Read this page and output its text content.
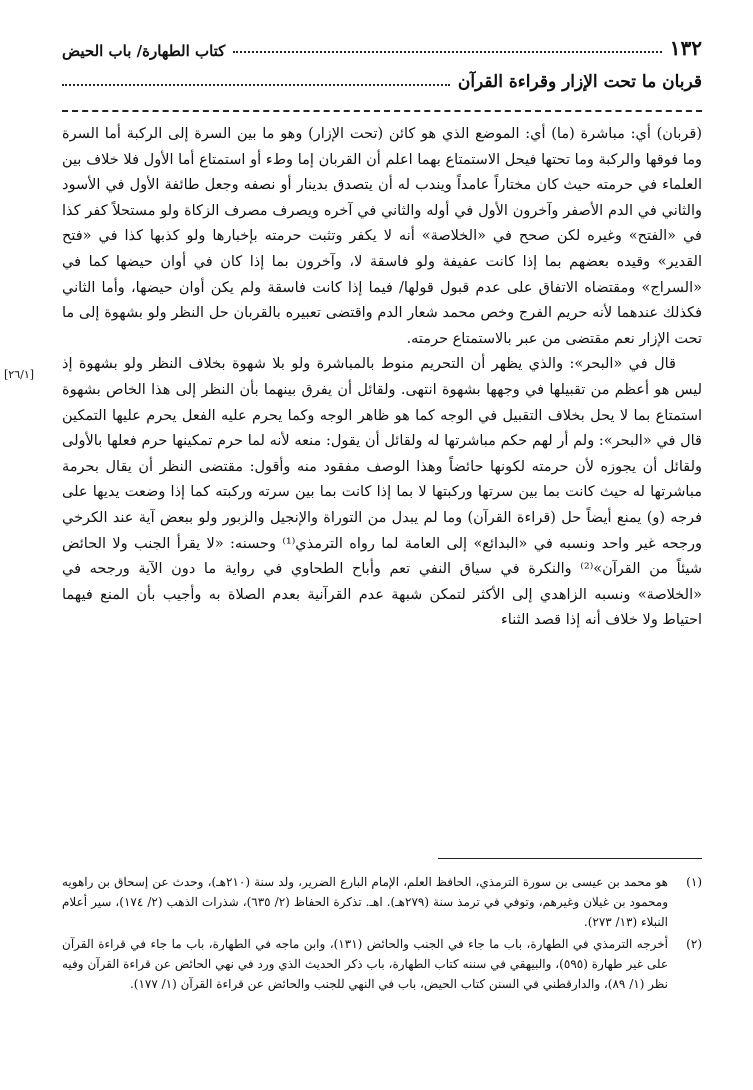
١٣٢
كتاب الطهارة/ باب الحيض
قربان ما تحت الإزار وقراءة القرآن

(قربان) أي: مباشرة (ما) أي: الموضع الذي هو كائن (تحت الإزار) وهو ما بين السرة إلى الركبة أما السرة وما فوقها والركبة وما تحتها فيحل الاستمتاع بهما اعلم أن القربان إما وطء أو استمتاع أما الأول فلا خلاف بين العلماء في حرمته حيث كان مختاراً عامداً ويندب له أن يتصدق بدينار أو نصفه وجعل طائفة الأول في الأسود والثاني في الدم الأصفر وآخرون الأول في أوله والثاني في آخره ويصرف مصرف الزكاة ولو مستحلاً كفر كذا في «الفتح» وغيره لكن صحح في «الخلاصة» أنه لا يكفر وتثبت حرمته بإخبارها ولو كذبها كذا في «فتح القدير» وقيده بعضهم بما إذا كانت عفيفة ولو فاسقة لا، وآخرون بما إذا كان في أوان حيضها كما في «السراج» ومقتضاه الاتفاق على عدم قبول قولها/ فيما إذا كانت فاسقة ولم يكن أوان حيضها، وأما الثاني فكذلك عندهما لأنه حريم الفرج وخص محمد شعار الدم واقتضى تعبيره بالقربان حل النظر ولو بشهوة إلى ما تحت الإزار نعم مقتضى من عبر بالاستمتاع حرمته.

قال في «البحر»: والذي يظهر أن التحريم منوط بالمباشرة ولو بلا شهوة بخلاف النظر ولو بشهوة إذ ليس هو أعظم من تقبيلها في وجهها بشهوة انتهى. ولقائل أن يفرق بينهما بأن النظر إلى هذا الخاص بشهوة استمتاع بما لا يحل بخلاف التقبيل في الوجه كما هو ظاهر الوجه وكما يحرم عليه الفعل يحرم عليها التمكين قال في «البحر»: ولم أر لهم حكم مباشرتها له ولقائل أن يقول: منعه لأنه لما حرم تمكينها حرم فعلها بالأولى ولقائل أن يجوزه لأن حرمته لكونها حائضاً وهذا الوصف مفقود منه وأقول: مقتضى النظر أن يقال بحرمة مباشرتها له حيث كانت بما بين سرتها وركبتها لا بما إذا كانت بما بين سرته وركبته كما إذا وضعت يديها على فرجه (و) يمنع أيضاً حل (قراءة القرآن) وما لم يبدل من التوراة والإنجيل والزبور ولو ببعض آية عند الكرخي ورجحه غير واحد ونسبه في «البدائع» إلى العامة لما رواه الترمذي⁽¹⁾ وحسنه: «لا يقرأ الجنب ولا الحائض شيئاً من القرآن»⁽²⁾ والنكرة في سياق النفي تعم وأباح الطحاوي في رواية ما دون الآية ورجحه في «الخلاصة» ونسبه الزاهدي إلى الأكثر لتمكن شبهة عدم القرآنية بعدم الصلاة به وأجيب بأن المنع فيهما احتياط ولا خلاف أنه إذا قصد الثناء

[٢٦/١]
(١)
هو محمد بن عيسى بن سورة الترمذي، الحافظ العلم، الإمام البارع الضرير، ولد سنة (٢١٠هـ)، وحدث عن إسحاق بن راهويه ومحمود بن غيلان وغيرهم، وتوفي في ترمذ سنة (٢٧٩هـ). اهـ. تذكرة الحفاظ (٢/ ٦٣٥)، شذرات الذهب (٢/ ١٧٤)، سير أعلام النبلاء (١٣/ ٢٧٣).
(٢)
أخرجه الترمذي في الطهارة، باب ما جاء في الجنب والحائض (١٣١)، وابن ماجه في الطهارة، باب ما جاء في قراءة القرآن على غير طهارة (٥٩٥)، والبيهقي في سننه كتاب الطهارة، باب ذكر الحديث الذي ورد في نهي الحائض عن قراءة القرآن وفيه نظر (١/ ٨٩)، والدارقطني في السنن كتاب الحيض، باب في النهي للجنب والحائض عن قراءة القرآن (١/ ١٧٧).
